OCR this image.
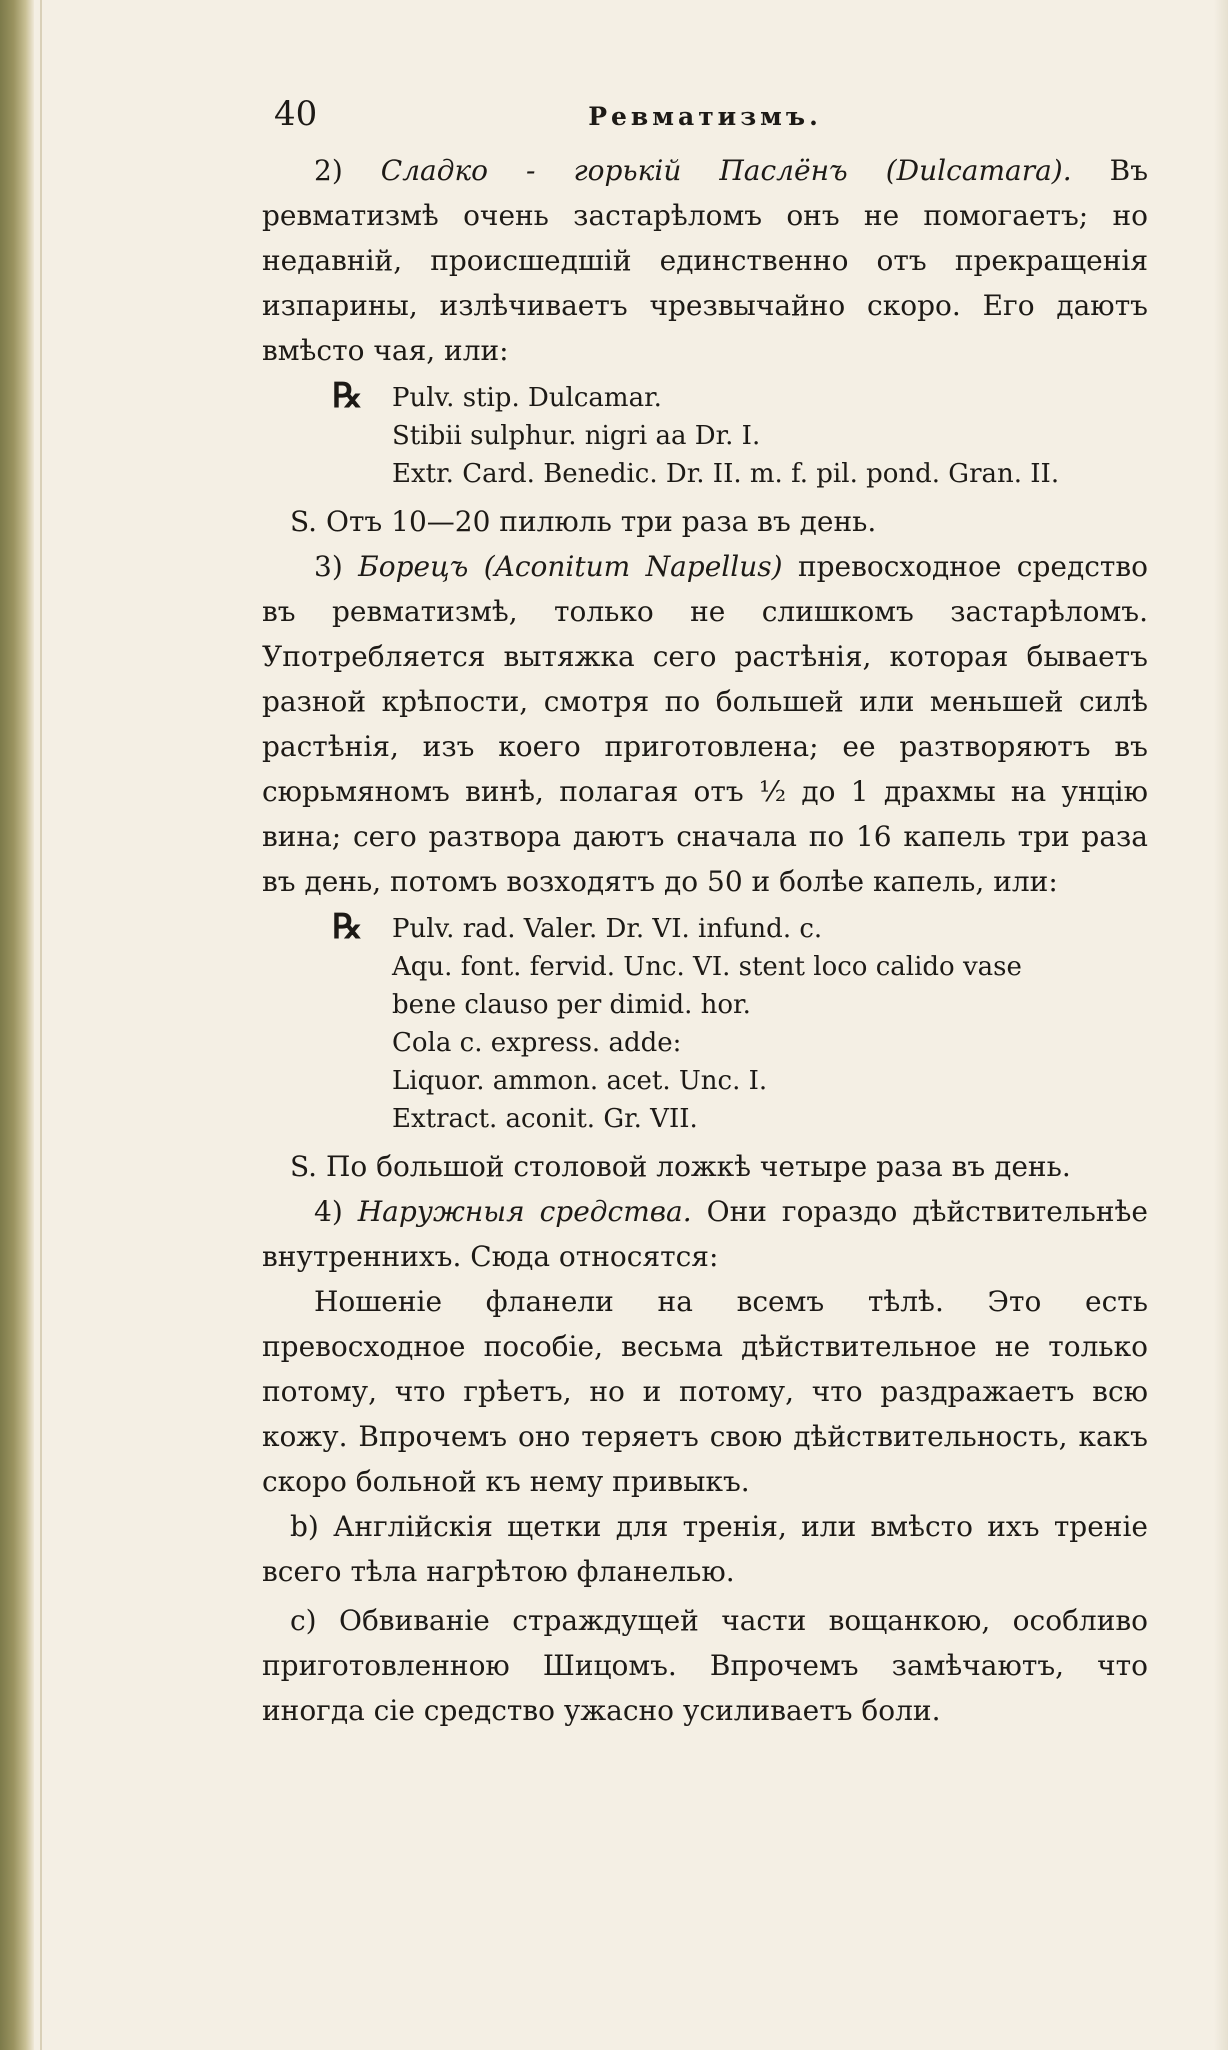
40	Ревматизмъ.

2) Сладко - горькій Паслёнъ (Dulcamara). Въ ревматизмѣ очень застарѣломъ онъ не помогаетъ; но недавній, происшедшій единственно отъ прекращенія изпарины, излѣчиваетъ чрезвычайно скоро. Его даютъ вмѣсто чая, или:

℞ Pulv. stip. Dulcamar.
Stibii sulphur. nigri aa Dr. I.
Extr. Card. Benedic. Dr. II. m. f. pil. pond. Gran. II.

S. Отъ 10—20 пилюль три раза въ день.

3) Борецъ (Aconitum Napellus) превосходное средство въ ревматизмѣ, только не слишкомъ застарѣломъ. Употребляется вытяжка сего растѣнія, которая бываетъ разной крѣпости, смотря по большей или меньшей силѣ растѣнія, изъ коего приготовлена; ее разтворяютъ въ сюрьмяномъ винѣ, полагая отъ ½ до 1 драхмы на унцію вина; сего разтвора даютъ сначала по 16 капель три раза въ день, потомъ возходятъ до 50 и болѣе капель, или:

℞ Pulv. rad. Valer. Dr. VI. infund. c.
Aqu. font. fervid. Unc. VI. stent loco calido vase
bene clauso per dimid. hor.
Cola c. express. adde:
Liquor. ammon. acet. Unc. I.
Extract. aconit. Gr. VII.

S. По большой столовой ложкѣ четыре раза въ день.

4) Наружныя средства. Они гораздо дѣйствительнѣе внутреннихъ. Сюда относятся:

Ношеніе фланели на всемъ тѣлѣ. Это есть превосходное пособіе, весьма дѣйствительное не только потому, что грѣетъ, но и потому, что раздражаетъ всю кожу. Впрочемъ оно теряетъ свою дѣйствительность, какъ скоро больной къ нему привыкъ.

b) Англійскія щетки для тренія, или вмѣсто ихъ треніе всего тѣла нагрѣтою фланелью.

c) Обвиваніе страждущей части вощанкою, особливо приготовленною Шицомъ. Впрочемъ замѣчаютъ, что иногда сіе средство ужасно усиливаетъ боли.
